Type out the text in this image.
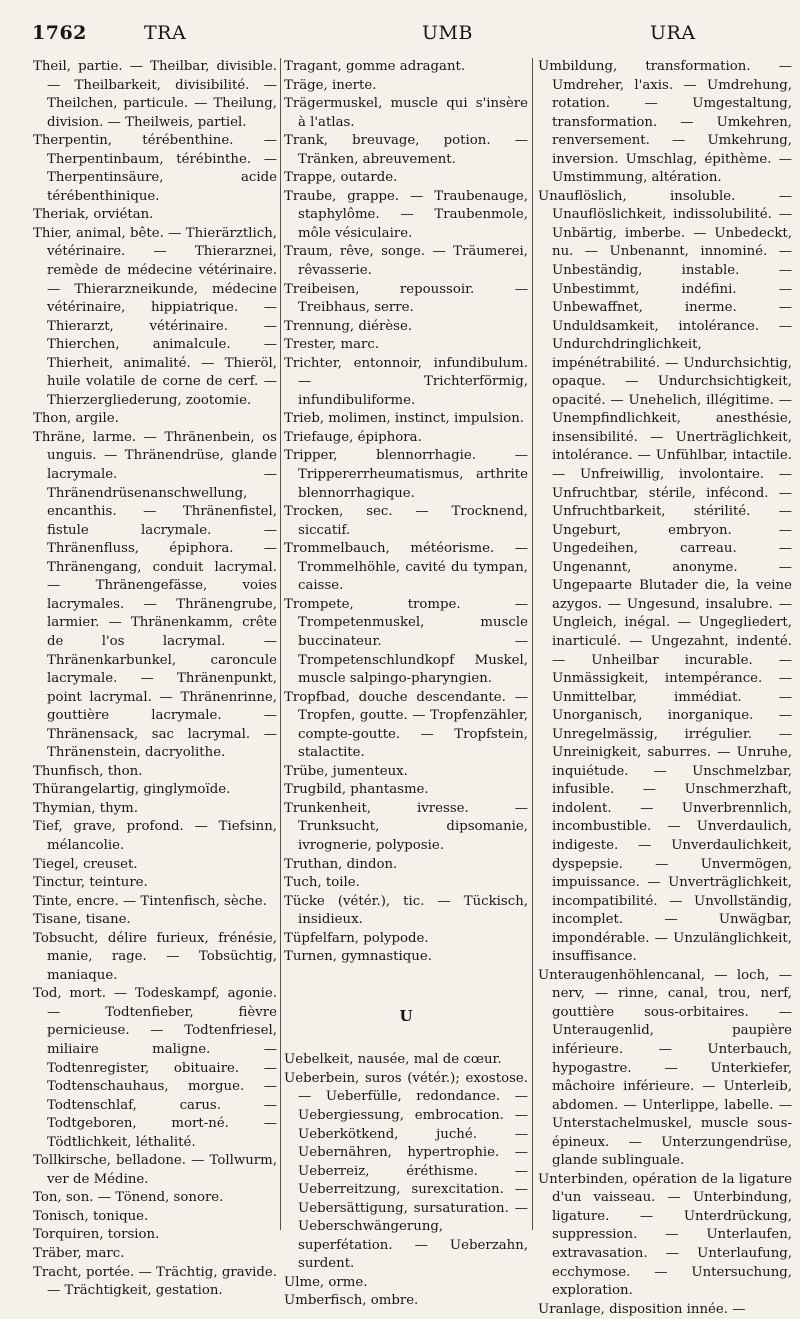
1762	TRA	UMB	URA

Theil, partie. — Theilbar, divisible. — Theilbarkeit, divisibilité. — Theilchen, particule. — Theilung, division. — Theilweis, partiel.

Therpentin, térébenthine. — Therpentinbaum, térébinthe. — Therpentinsäure, acide térébenthinique.

Theriak, orviétan.

Thier, animal, bête. — Thierärztlich, vétérinaire. — Thierarznei, remède de médecine vétérinaire. — Thierarzneikunde, médecine vétérinaire, hippiatrique. — Thierarzt, vétérinaire. — Thierchen, animalcule. — Thierheit, animalité. — Thieröl, huile volatile de corne de cerf. — Thierzergliederung, zootomie.

Thon, argile.

Thräne, larme. — Thränenbein, os unguis. — Thränendrüse, glande lacrymale. — Thränendrüsenanschwellung, encanthis. — Thränenfistel, fistule lacrymale. — Thränenfluss, épiphora. — Thränengang, conduit lacrymal. — Thränengefässe, voies lacrymales. — Thränengrube, larmier. — Thränenkamm, crête de l'os lacrymal. — Thränenkarbunkel, caroncule lacrymale. — Thränenpunkt, point lacrymal. — Thränenrinne, gouttière lacrymale. — Thränensack, sac lacrymal. — Thränenstein, dacryolithe.

Thunfisch, thon.

Thürangelartig, ginglymoïde.

Thymian, thym.

Tief, grave, profond. — Tiefsinn, mélancolie.

Tiegel, creuset.

Tinctur, teinture.

Tinte, encre. — Tintenfisch, sèche.

Tisane, tisane.

Tobsucht, délire furieux, frénésie, manie, rage. — Tobsüchtig, maniaque.

Tod, mort. — Todeskampf, agonie. — Todtenfieber, fièvre pernicieuse. — Todtenfriesel, miliaire maligne. — Todtenregister, obituaire. — Todtenschauhaus, morgue. — Todtenschlaf, carus. — Todtgeboren, mort-né. — Tödtlichkeit, léthalité.

Tollkirsche, belladone. — Tollwurm, ver de Médine.

Ton, son. — Tönend, sonore.

Tonisch, tonique.

Torquiren, torsion.

Träber, marc.

Tracht, portée. — Trächtig, gravide. — Trächtigkeit, gestation.

Tragant, gomme adragant.

Träge, inerte.

Trägermuskel, muscle qui s'insère à l'atlas.

Trank, breuvage, potion. — Tränken, abreuvement.

Trappe, outarde.

Traube, grappe. — Traubenauge, staphylôme. — Traubenmole, môle vésiculaire.

Traum, rêve, songe. — Träumerei, rêvasserie.

Treibeisen, repoussoir. — Treibhaus, serre.

Trennung, diérèse.

Trester, marc.

Trichter, entonnoir, infundibulum. — Trichterförmig, infundibuliforme.

Trieb, molimen, instinct, impulsion.

Triefauge, épiphora.

Tripper, blennorrhagie. — Trippererrheumatismus, arthrite blennorrhagique.

Trocken, sec. — Trocknend, siccatif.

Trommelbauch, météorisme. — Trommelhöhle, cavité du tympan, caisse.

Trompete, trompe. — Trompetenmuskel, muscle buccinateur. — Trompetenschlundkopf Muskel, muscle salpingo-pharyngien.

Tropfbad, douche descendante. — Tropfen, goutte. — Tropfenzähler, compte-goutte. — Tropfstein, stalactite.

Trübe, jumenteux.

Trugbild, phantasme.

Trunkenheit, ivresse. — Trunksucht, dipsomanie, ivrognerie, polyposie.

Truthan, dindon.

Tuch, toile.

Tücke (vétér.), tic. — Tückisch, insidieux.

Tüpfelfarn, polypode.

Turnen, gymnastique.

U

Uebelkeit, nausée, mal de cœur.

Ueberbein, suros (vétér.); exostose. — Ueberfülle, redondance. — Uebergiessung, embrocation. — Ueberkötkend, juché. — Uebernähren, hypertrophie. — Ueberreiz, éréthisme. — Ueberreitzung, surexcitation. — Uebersättigung, sursaturation. — Ueberschwängerung, superfétation. — Ueberzahn, surdent.

Ulme, orme.

Umberfisch, ombre.

Umbildung, transformation. — Umdreher, l'axis. — Umdrehung, rotation. — Umgestaltung, transformation. — Umkehren, renversement. — Umkehrung, inversion. Umschlag, épithème. — Umstimmung, altération.

Unauflöslich, insoluble. — Unauflöslichkeit, indissolubilité. — Unbärtig, imberbe. — Unbedeckt, nu. — Unbenannt, innominé. — Unbeständig, instable. — Unbestimmt, indéfini. — Unbewaffnet, inerme. — Unduldsamkeit, intolérance. — Undurchdringlichkeit, impénétrabilité. — Undurchsichtig, opaque. — Undurchsichtigkeit, opacité. — Unehelich, illégitime. — Unempfindlichkeit, anesthésie, insensibilité. — Unerträglichkeit, intolérance. — Unfühlbar, intactile. — Unfreiwillig, involontaire. — Unfruchtbar, stérile, infécond. — Unfruchtbarkeit, stérilité. — Ungeburt, embryon. — Ungedeihen, carreau. — Ungenannt, anonyme. — Ungepaarte Blutader die, la veine azygos. — Ungesund, insalubre. — Ungleich, inégal. — Ungegliedert, inarticulé. — Ungezahnt, indenté. — Unheilbar incurable. — Unmässigkeit, intempérance. — Unmittelbar, immédiat. — Unorganisch, inorganique. — Unregelmässig, irrégulier. — Unreinigkeit, saburres. — Unruhe, inquiétude. — Unschmelzbar, infusible. — Unschmerzhaft, indolent. — Unverbrennlich, incombustible. — Unverdaulich, indigeste. — Unverdaulichkeit, dyspepsie. — Unvermögen, impuissance. — Unverträglichkeit, incompatibilité. — Unvollständig, incomplet. — Unwägbar, impondérable. — Unzulänglichkeit, insuffisance.

Unteraugenhöhlencanal, — loch, — nerv, — rinne, canal, trou, nerf, gouttière sous-orbitaires. — Unteraugenlid, paupière inférieure. — Unterbauch, hypogastre. — Unterkiefer, mâchoire inférieure. — Unterleib, abdomen. — Unterlippe, labelle. — Unterstachelmuskel, muscle sous-épineux. — Unterzungendrüse, glande sublinguale.

Unterbinden, opération de la ligature d'un vaisseau. — Unterbindung, ligature. — Unterdrückung, suppression. — Unterlaufen, extravasation. — Unterlaufung, ecchymose. — Untersuchung, exploration.

Uranlage, disposition innée. —
